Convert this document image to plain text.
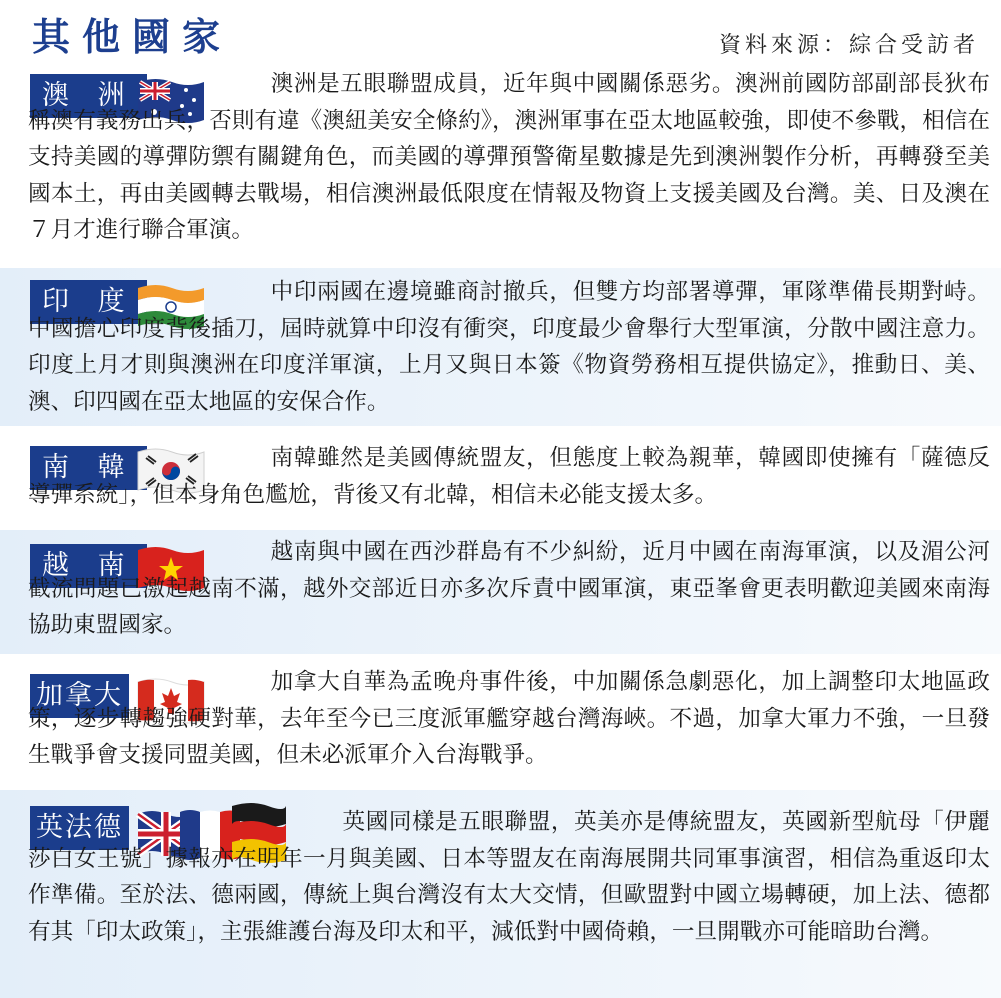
其他國家	資料來源：綜合受訪者
澳 洲	澳洲是五眼聯盟成員，近年與中國關係惡劣。澳洲前國防部副部長狄布稱澳有義務出兵，否則有違《澳紐美安全條約》，澳洲軍事在亞太地區較強，即使不參戰，相信在支持美國的導彈防禦有關鍵角色，而美國的導彈預警衛星數據是先到澳洲製作分析，再轉發至美國本土，再由美國轉去戰場，相信澳洲最低限度在情報及物資上支援美國及台灣。美、日及澳在７月才進行聯合軍演。

印 度	中印兩國在邊境雖商討撤兵，但雙方均部署導彈，軍隊準備長期對峙。中國擔心印度背後插刀，屆時就算中印沒有衝突，印度最少會舉行大型軍演，分散中國注意力。印度上月才則與澳洲在印度洋軍演，上月又與日本簽《物資勞務相互提供協定》，推動日、美、澳、印四國在亞太地區的安保合作。

南 韓	南韓雖然是美國傳統盟友，但態度上較為親華，韓國即使擁有「薩德反導彈系統」，但本身角色尷尬，背後又有北韓，相信未必能支援太多。

越 南	越南與中國在西沙群島有不少糾紛，近月中國在南海軍演，以及湄公河截流問題已激起越南不滿，越外交部近日亦多次斥責中國軍演，東亞峯會更表明歡迎美國來南海協助東盟國家。

加拿大	加拿大自華為孟晚舟事件後，中加關係急劇惡化，加上調整印太地區政策，逐步轉趨強硬對華，去年至今已三度派軍艦穿越台灣海峽。不過，加拿大軍力不強，一旦發生戰爭會支援同盟美國，但未必派軍介入台海戰爭。

英法德	英國同樣是五眼聯盟，英美亦是傳統盟友，英國新型航母「伊麗莎白女王號」據報亦在明年一月與美國、日本等盟友在南海展開共同軍事演習，相信為重返印太作準備。至於法、德兩國，傳統上與台灣沒有太大交情，但歐盟對中國立場轉硬，加上法、德都有其「印太政策」，主張維護台海及印太和平，減低對中國倚賴，一旦開戰亦可能暗助台灣。
